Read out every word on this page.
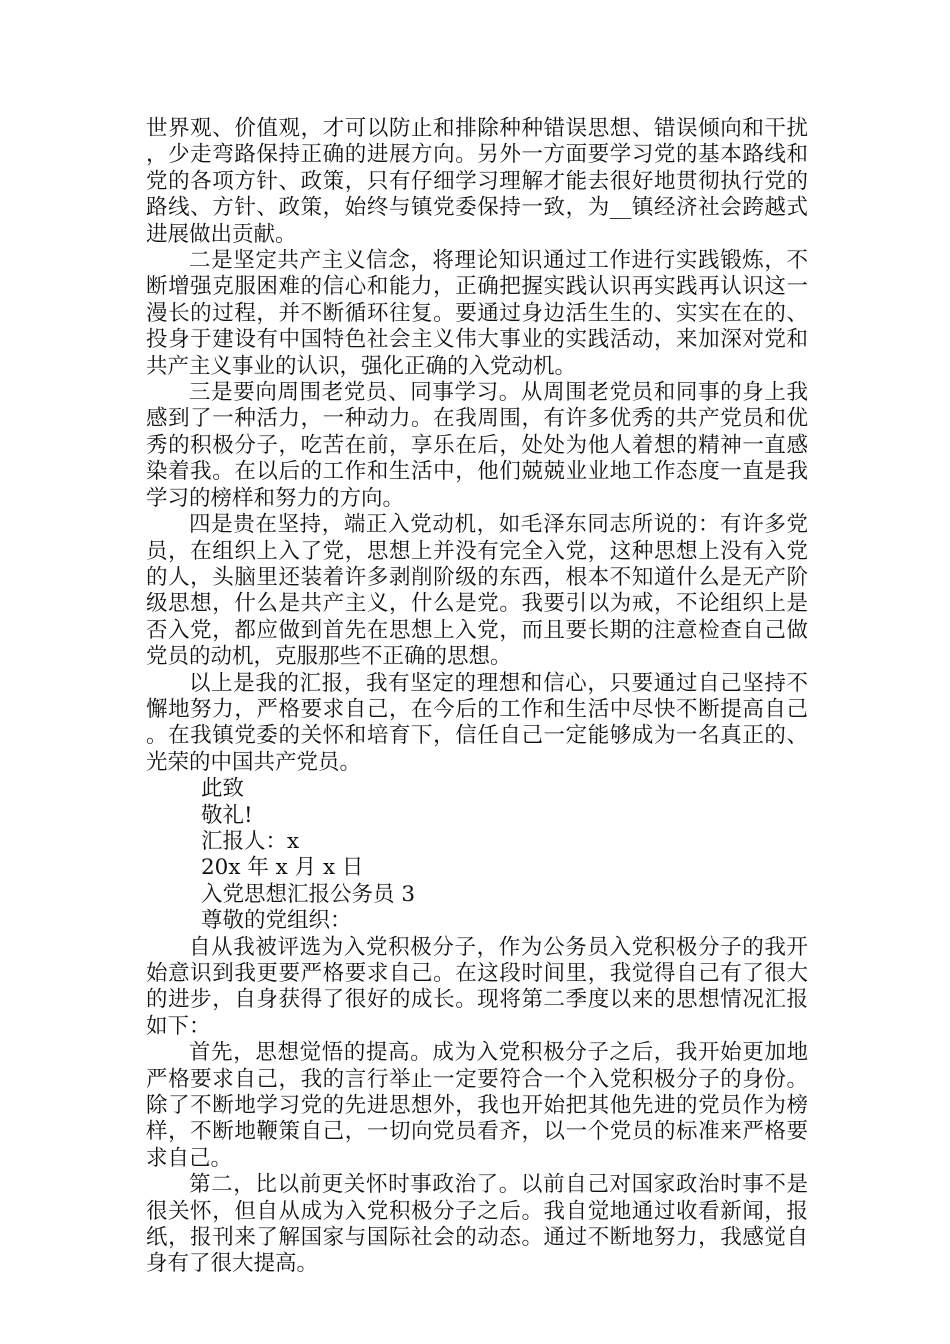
世界观、价值观，才可以防止和排除种种错误思想、错误倾向和干扰，少走弯路保持正确的进展方向。另外一方面要学习党的基本路线和党的各项方针、政策，只有仔细学习理解才能去很好地贯彻执行党的路线、方针、政策，始终与镇党委保持一致，为__镇经济社会跨越式进展做出贡献。

二是坚定共产主义信念，将理论知识通过工作进行实践锻炼，不断增强克服困难的信心和能力，正确把握实践认识再实践再认识这一漫长的过程，并不断循环往复。要通过身边活生生的、实实在在的、投身于建设有中国特色社会主义伟大事业的实践活动，来加深对党和共产主义事业的认识，强化正确的入党动机。

三是要向周围老党员、同事学习。从周围老党员和同事的身上我感到了一种活力，一种动力。在我周围，有许多优秀的共产党员和优秀的积极分子，吃苦在前，享乐在后，处处为他人着想的精神一直感染着我。在以后的工作和生活中，他们兢兢业业地工作态度一直是我学习的榜样和努力的方向。

四是贵在坚持，端正入党动机，如毛泽东同志所说的：有许多党员，在组织上入了党，思想上并没有完全入党，这种思想上没有入党的人，头脑里还装着许多剥削阶级的东西，根本不知道什么是无产阶级思想，什么是共产主义，什么是党。我要引以为戒，不论组织上是否入党，都应做到首先在思想上入党，而且要长期的注意检查自己做党员的动机，克服那些不正确的思想。

以上是我的汇报，我有坚定的理想和信心，只要通过自己坚持不懈地努力，严格要求自己，在今后的工作和生活中尽快不断提高自己。在我镇党委的关怀和培育下，信任自己一定能够成为一名真正的、光荣的中国共产党员。

此致

敬礼!

汇报人：x

20x 年 x 月 x 日

入党思想汇报公务员 3

尊敬的党组织：

自从我被评选为入党积极分子，作为公务员入党积极分子的我开始意识到我更要严格要求自己。在这段时间里，我觉得自己有了很大的进步，自身获得了很好的成长。现将第二季度以来的思想情况汇报如下：

首先，思想觉悟的提高。成为入党积极分子之后，我开始更加地严格要求自己，我的言行举止一定要符合一个入党积极分子的身份。除了不断地学习党的先进思想外，我也开始把其他先进的党员作为榜样，不断地鞭策自己，一切向党员看齐，以一个党员的标准来严格要求自己。

第二，比以前更关怀时事政治了。以前自己对国家政治时事不是很关怀，但自从成为入党积极分子之后。我自觉地通过收看新闻，报纸，报刊来了解国家与国际社会的动态。通过不断地努力，我感觉自身有了很大提高。
